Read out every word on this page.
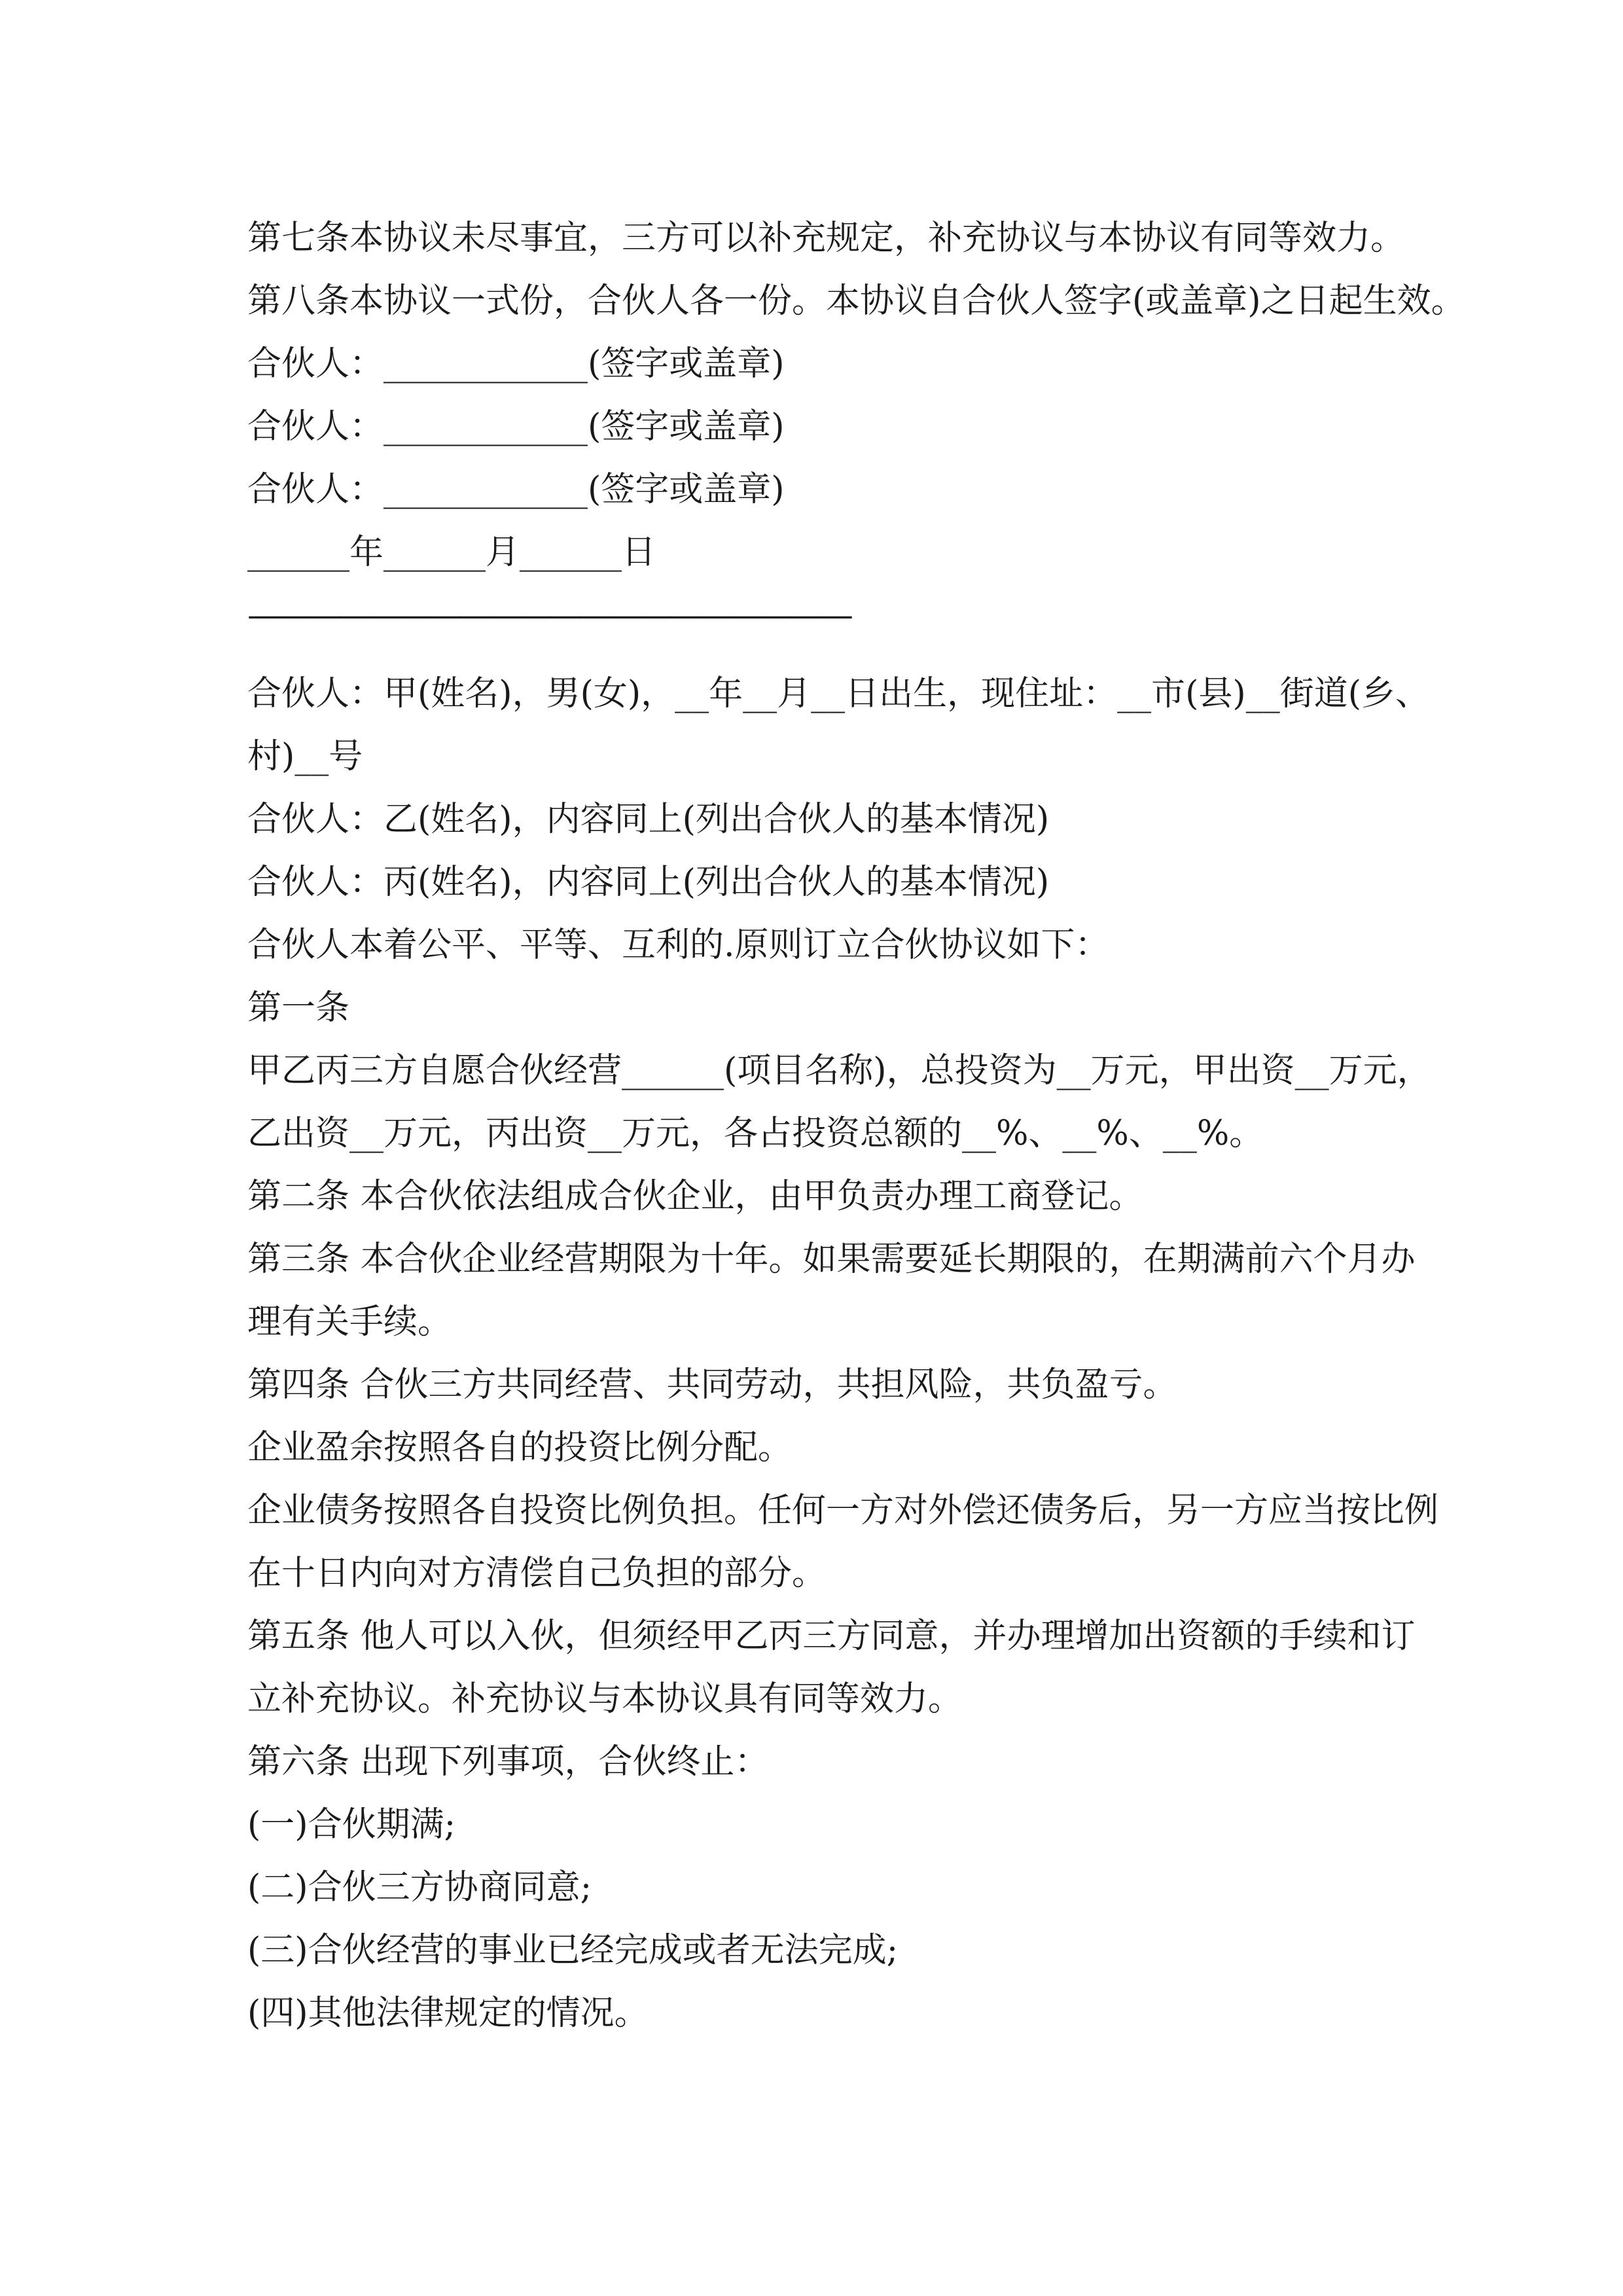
第七条本协议未尽事宜，三方可以补充规定，补充协议与本协议有同等效力。
第八条本协议一式份，合伙人各一份。本协议自合伙人签字(或盖章)之日起生效。
合伙人：____________(签字或盖章)
合伙人：____________(签字或盖章)
合伙人：____________(签字或盖章)
______年______月______日
————————————————————
合伙人：甲(姓名)，男(女)，__年__月__日出生，现住址：__市(县)__街道(乡、
村)__号
合伙人：乙(姓名)，内容同上(列出合伙人的基本情况)
合伙人：丙(姓名)，内容同上(列出合伙人的基本情况)
合伙人本着公平、平等、互利的.原则订立合伙协议如下：
第一条
甲乙丙三方自愿合伙经营______(项目名称)，总投资为__万元，甲出资__万元，
乙出资__万元，丙出资__万元，各占投资总额的__%、__%、__%。
第二条 本合伙依法组成合伙企业，由甲负责办理工商登记。
第三条 本合伙企业经营期限为十年。如果需要延长期限的，在期满前六个月办
理有关手续。
第四条 合伙三方共同经营、共同劳动，共担风险，共负盈亏。
企业盈余按照各自的投资比例分配。
企业债务按照各自投资比例负担。任何一方对外偿还债务后，另一方应当按比例
在十日内向对方清偿自己负担的部分。
第五条 他人可以入伙，但须经甲乙丙三方同意，并办理增加出资额的手续和订
立补充协议。补充协议与本协议具有同等效力。
第六条 出现下列事项，合伙终止：
(一)合伙期满;
(二)合伙三方协商同意;
(三)合伙经营的事业已经完成或者无法完成;
(四)其他法律规定的情况。
